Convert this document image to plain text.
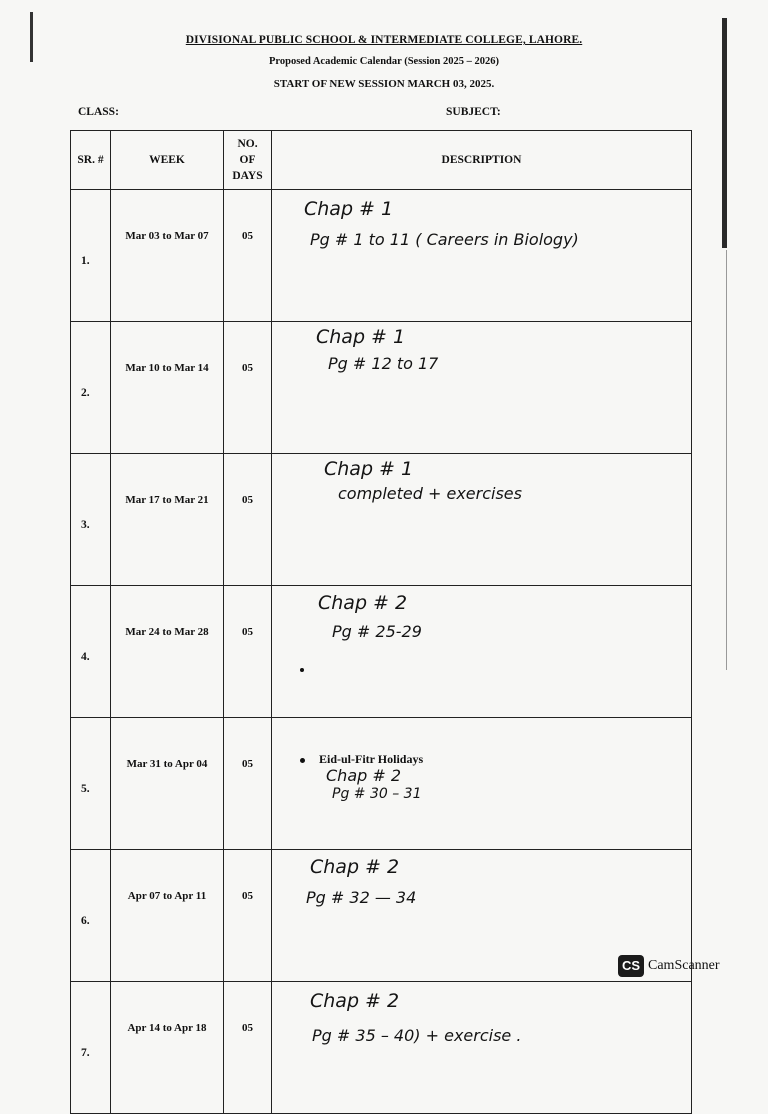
DIVISIONAL PUBLIC SCHOOL & INTERMEDIATE COLLEGE, LAHORE.
Proposed Academic Calendar (Session 2025 – 2026)
START OF NEW SESSION MARCH 03, 2025.
CLASS:	SUBJECT:
SR. #	WEEK	NO.
OF
DAYS	DESCRIPTION
1.	Mar 03 to Mar 07	05	Chap # 1
Pg # 1 to 11 ( Careers in Biology)

2.	Mar 10 to Mar 14	05	Chap # 1
Pg # 12 to 17

3.	Mar 17 to Mar 21	05	Chap # 1
completed + exercises

4.	Mar 24 to Mar 28	05	Chap # 2
Pg # 25-29

5.	Mar 31 to Apr 04	05	Eid-ul-Fitr Holidays
Chap # 2
Pg # 30 – 31

6.	Apr 07 to Apr 11	05	Chap # 2
Pg # 32 — 34

7.	Apr 14 to Apr 18	05	Chap # 2
Pg # 35 – 40) + exercise .
CS CamScanner
